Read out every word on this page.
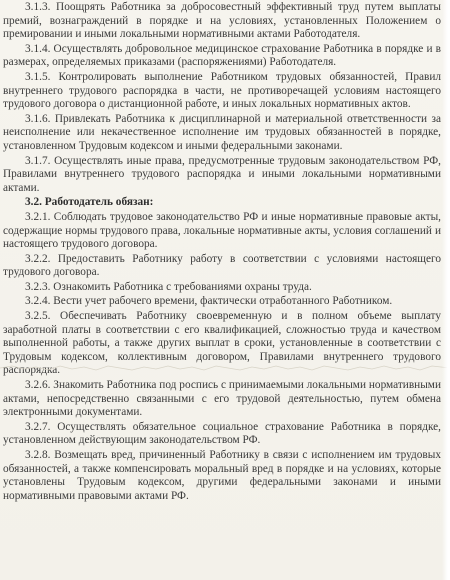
3.1.3. Поощрять Работника за добросовестный эффективный труд путем выплаты премий, вознаграждений в порядке и на условиях, установленных Положением о премировании и иными локальными нормативными актами Работодателя.

3.1.4. Осуществлять добровольное медицинское страхование Работника в порядке и в размерах, определяемых приказами (распоряжениями) Работодателя.

3.1.5. Контролировать выполнение Работником трудовых обязанностей, Правил внутреннего трудового распорядка в части, не противоречащей условиям настоящего трудового договора о дистанционной работе, и иных локальных нормативных актов.

3.1.6. Привлекать Работника к дисциплинарной и материальной ответственности за неисполнение или некачественное исполнение им трудовых обязанностей в порядке, установленном Трудовым кодексом и иными федеральными законами.

3.1.7. Осуществлять иные права, предусмотренные трудовым законодательством РФ, Правилами внутреннего трудового распорядка и иными локальными нормативными актами.

3.2. Работодатель обязан:

3.2.1. Соблюдать трудовое законодательство РФ и иные нормативные правовые акты, содержащие нормы трудового права, локальные нормативные акты, условия соглашений и настоящего трудового договора.

3.2.2. Предоставить Работнику работу в соответствии с условиями настоящего трудового договора.

3.2.3. Ознакомить Работника с требованиями охраны труда.

3.2.4. Вести учет рабочего времени, фактически отработанного Работником.

3.2.5. Обеспечивать Работнику своевременную и в полном объеме выплату заработной платы в соответствии с его квалификацией, сложностью труда и качеством выполненной работы, а также других выплат в сроки, установленные в соответствии с Трудовым кодексом, коллективным договором, Правилами внутреннего трудового распорядка.

3.2.6. Знакомить Работника под роспись с принимаемыми локальными нормативными актами, непосредственно связанными с его трудовой деятельностью, путем обмена электронными документами.

3.2.7. Осуществлять обязательное социальное страхование Работника в порядке, установленном действующим законодательством РФ.

3.2.8. Возмещать вред, причиненный Работнику в связи с исполнением им трудовых обязанностей, а также компенсировать моральный вред в порядке и на условиях, которые установлены Трудовым кодексом, другими федеральными законами и иными нормативными правовыми актами РФ.
